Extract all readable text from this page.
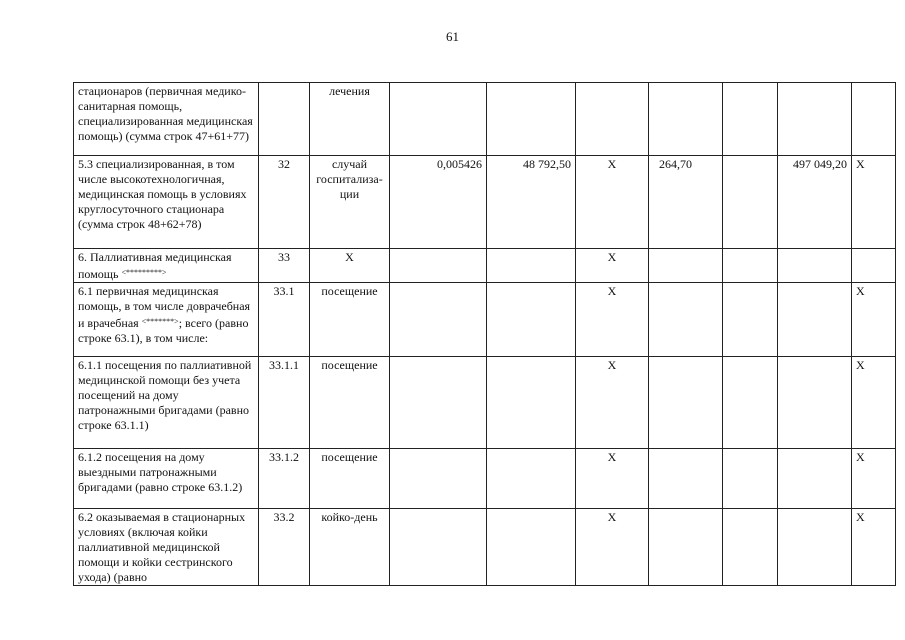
61
стационаров (первичная медико-санитарная помощь, специализированная медицинская помощь) (сумма строк 47+61+77)		лечения							
5.3 специализированная, в том числе высокотехнологичная, медицинская помощь в условиях круглосуточного стационара (сумма строк 48+62+78)	32	случай госпитализа-ции	0,005426	48 792,50	Х	264,70		497 049,20	Х
6. Паллиативная медицинская помощь <*********>	33	Х			Х				
6.1 первичная медицинская помощь, в том числе доврачебная и врачебная <*******>; всего (равно строке 63.1), в том числе:	33.1	посещение			Х				Х
6.1.1 посещения по паллиативной медицинской помощи без учета посещений на дому патронажными бригадами (равно строке 63.1.1)	33.1.1	посещение			Х				Х
6.1.2 посещения на дому выездными патронажными бригадами (равно строке 63.1.2)	33.1.2	посещение			Х				Х
6.2 оказываемая в стационарных условиях (включая койки паллиативной медицинской помощи и койки сестринского ухода) (равно	33.2	койко-день			Х				Х
